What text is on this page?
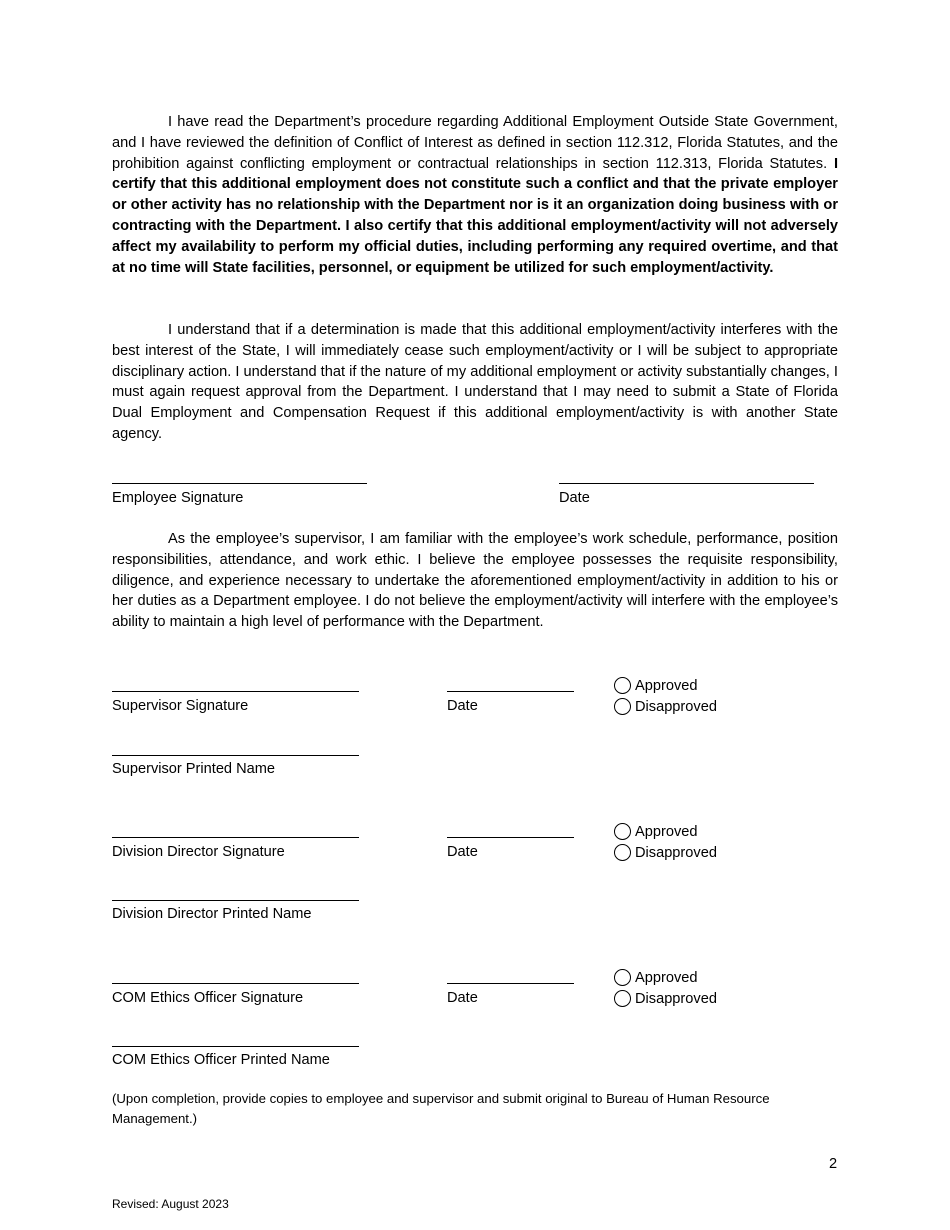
I have read the Department’s procedure regarding Additional Employment Outside State Government, and I have reviewed the definition of Conflict of Interest as defined in section 112.312, Florida Statutes, and the prohibition against conflicting employment or contractual relationships in section 112.313, Florida Statutes. I certify that this additional employment does not constitute such a conflict and that the private employer or other activity has no relationship with the Department nor is it an organization doing business with or contracting with the Department. I also certify that this additional employment/activity will not adversely affect my availability to perform my official duties, including performing any required overtime, and that at no time will State facilities, personnel, or equipment be utilized for such employment/activity.

I understand that if a determination is made that this additional employment/activity interferes with the best interest of the State, I will immediately cease such employment/activity or I will be subject to appropriate disciplinary action. I understand that if the nature of my additional employment or activity substantially changes, I must again request approval from the Department. I understand that I may need to submit a State of Florida Dual Employment and Compensation Request if this additional employment/activity is with another State agency.

Employee Signature	Date

As the employee’s supervisor, I am familiar with the employee’s work schedule, performance, position responsibilities, attendance, and work ethic. I believe the employee possesses the requisite responsibility, diligence, and experience necessary to undertake the aforementioned employment/activity in addition to his or her duties as a Department employee. I do not believe the employment/activity will interfere with the employee’s ability to maintain a high level of performance with the Department.

Supervisor Signature	Date
Approved
Disapproved
Supervisor Printed Name
Division Director Signature	Date
Approved
Disapproved
Division Director Printed Name
COM Ethics Officer Signature	Date
Approved
Disapproved
COM Ethics Officer Printed Name
(Upon completion, provide copies to employee and supervisor and submit original to Bureau of Human Resource Management.)
2
Revised: August 2023
